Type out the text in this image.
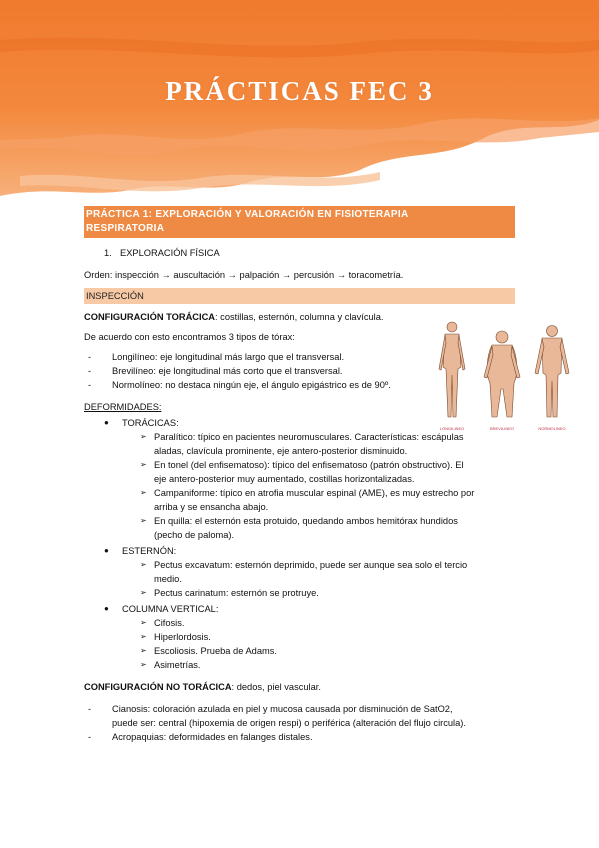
PRÁCTICAS FEC 3
PRÁCTICA 1: EXPLORACIÓN Y VALORACIÓN EN FISIOTERAPIA
RESPIRATORIA
1. EXPLORACIÓN FÍSICA

Orden: inspección → auscultación → palpación → percusión → toracometría.

INSPECCIÓN

CONFIGURACIÓN TORÁCICA: costillas, esternón, columna y clavícula.

De acuerdo con esto encontramos 3 tipos de tórax:

-	Longilíneo: eje longitudinal más largo que el transversal.
-	Brevilíneo: eje longitudinal más corto que el transversal.
-	Normolíneo: no destaca ningún eje, el ángulo epigástrico es de 90º.

DEFORMIDADES:

●	TORÁCICAS:
➢ Paralítico: típico en pacientes neuromusculares. Características: escápulas
aladas, clavícula prominente, eje antero-posterior disminuido.
➢ En tonel (del enfisematoso): típico del enfisematoso (patrón obstructivo). El
eje antero-posterior muy aumentado, costillas horizontalizadas.
➢ Campaniforme: típico en atrofia muscular espinal (AME), es muy estrecho por
arriba y se ensancha abajo.
➢ En quilla: el esternón esta protuido, quedando ambos hemitórax hundidos
(pecho de paloma).
●	ESTERNÓN:
➢ Pectus excavatum: esternón deprimido, puede ser aunque sea solo el tercio
medio.
➢ Pectus carinatum: esternón se protruye.
●	COLUMNA VERTICAL:
➢ Cifosis.
➢ Hiperlordosis.
➢ Escoliosis. Prueba de Adams.
➢ Asimetrías.

CONFIGURACIÓN NO TORÁCICA: dedos, piel vascular.

-	Cianosis: coloración azulada en piel y mucosa causada por disminución de SatO2,
puede ser: central (hipoxemia de origen respi) o periférica (alteración del flujo circula).
-	Acropaquias: deformidades en falanges distales.
LONGILINEO	BREVILINEO	NORMOLINEO
